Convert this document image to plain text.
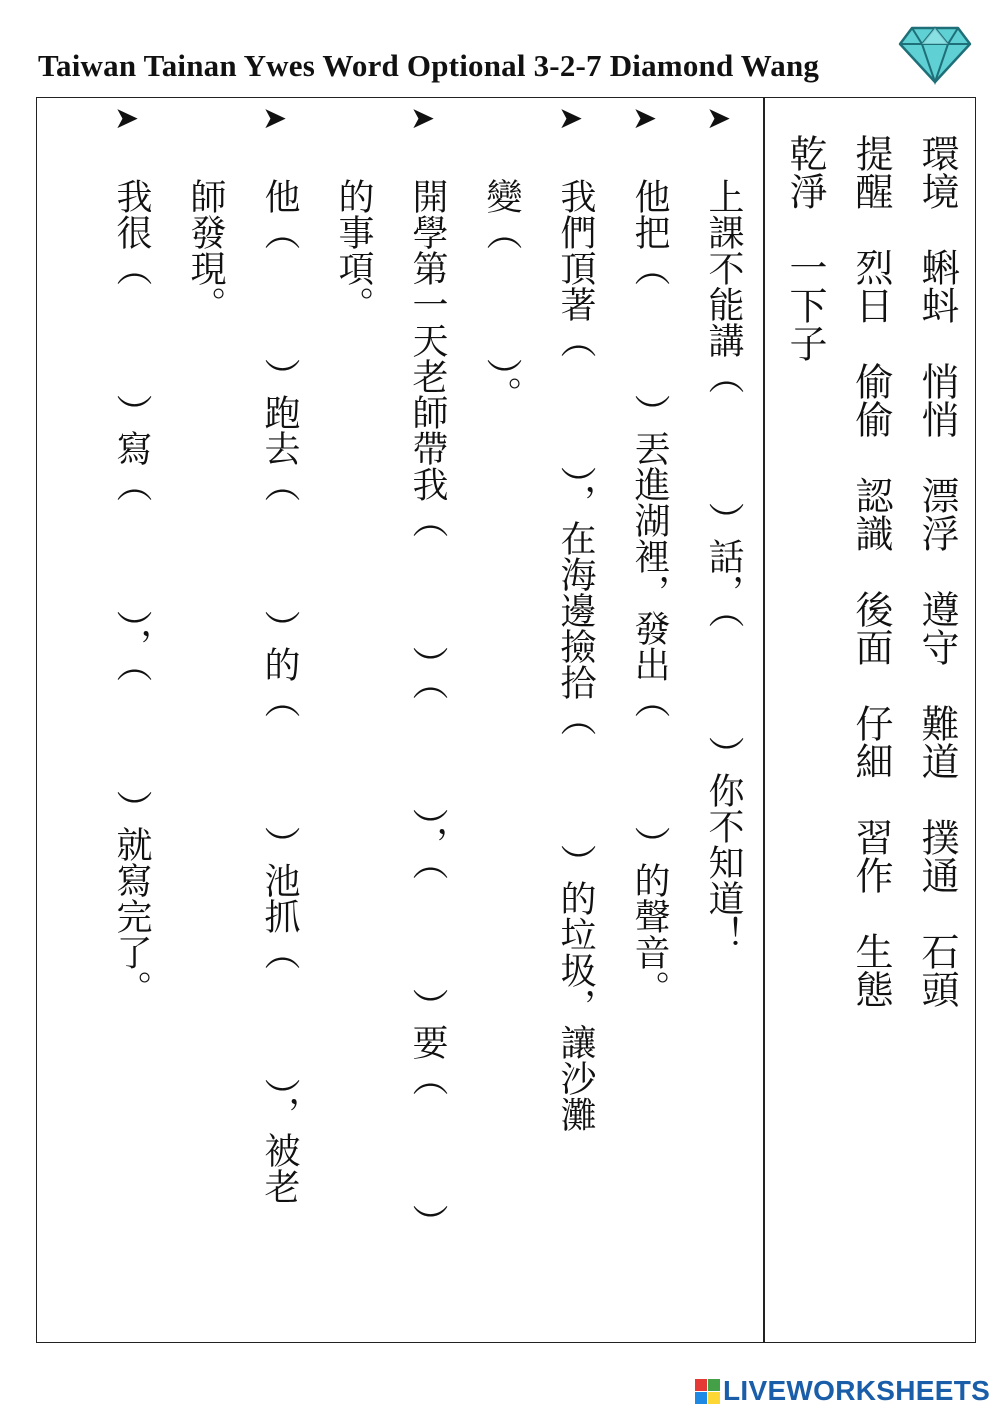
Taiwan Tainan Ywes Word Optional 3-2-7 Diamond Wang
環境　蝌蚪　悄悄　漂浮　遵守　難道　撲通　石頭
提醒　烈日　偷偷　認識　後面　仔細　習作　生態
乾淨　一下子
➤
➤
➤
➤
➤
➤
上課不能講（　　　）話，（　　　）你不知道！
他把（　　　）丟進湖裡，發出（　　　）的聲音。
我們頂著（　　　），在海邊撿拾（　　　）的垃圾，讓沙灘
變（　　　）。
開學第一天老師帶我（　　　）（　　　），（　　　）要（　　　）
的事項。
他（　　　）跑去（　　　）的（　　　）池抓（　　　），被老
師發現。
我很（　　　）寫（　　　），（　　　）就寫完了。
LIVEWORKSHEETS
